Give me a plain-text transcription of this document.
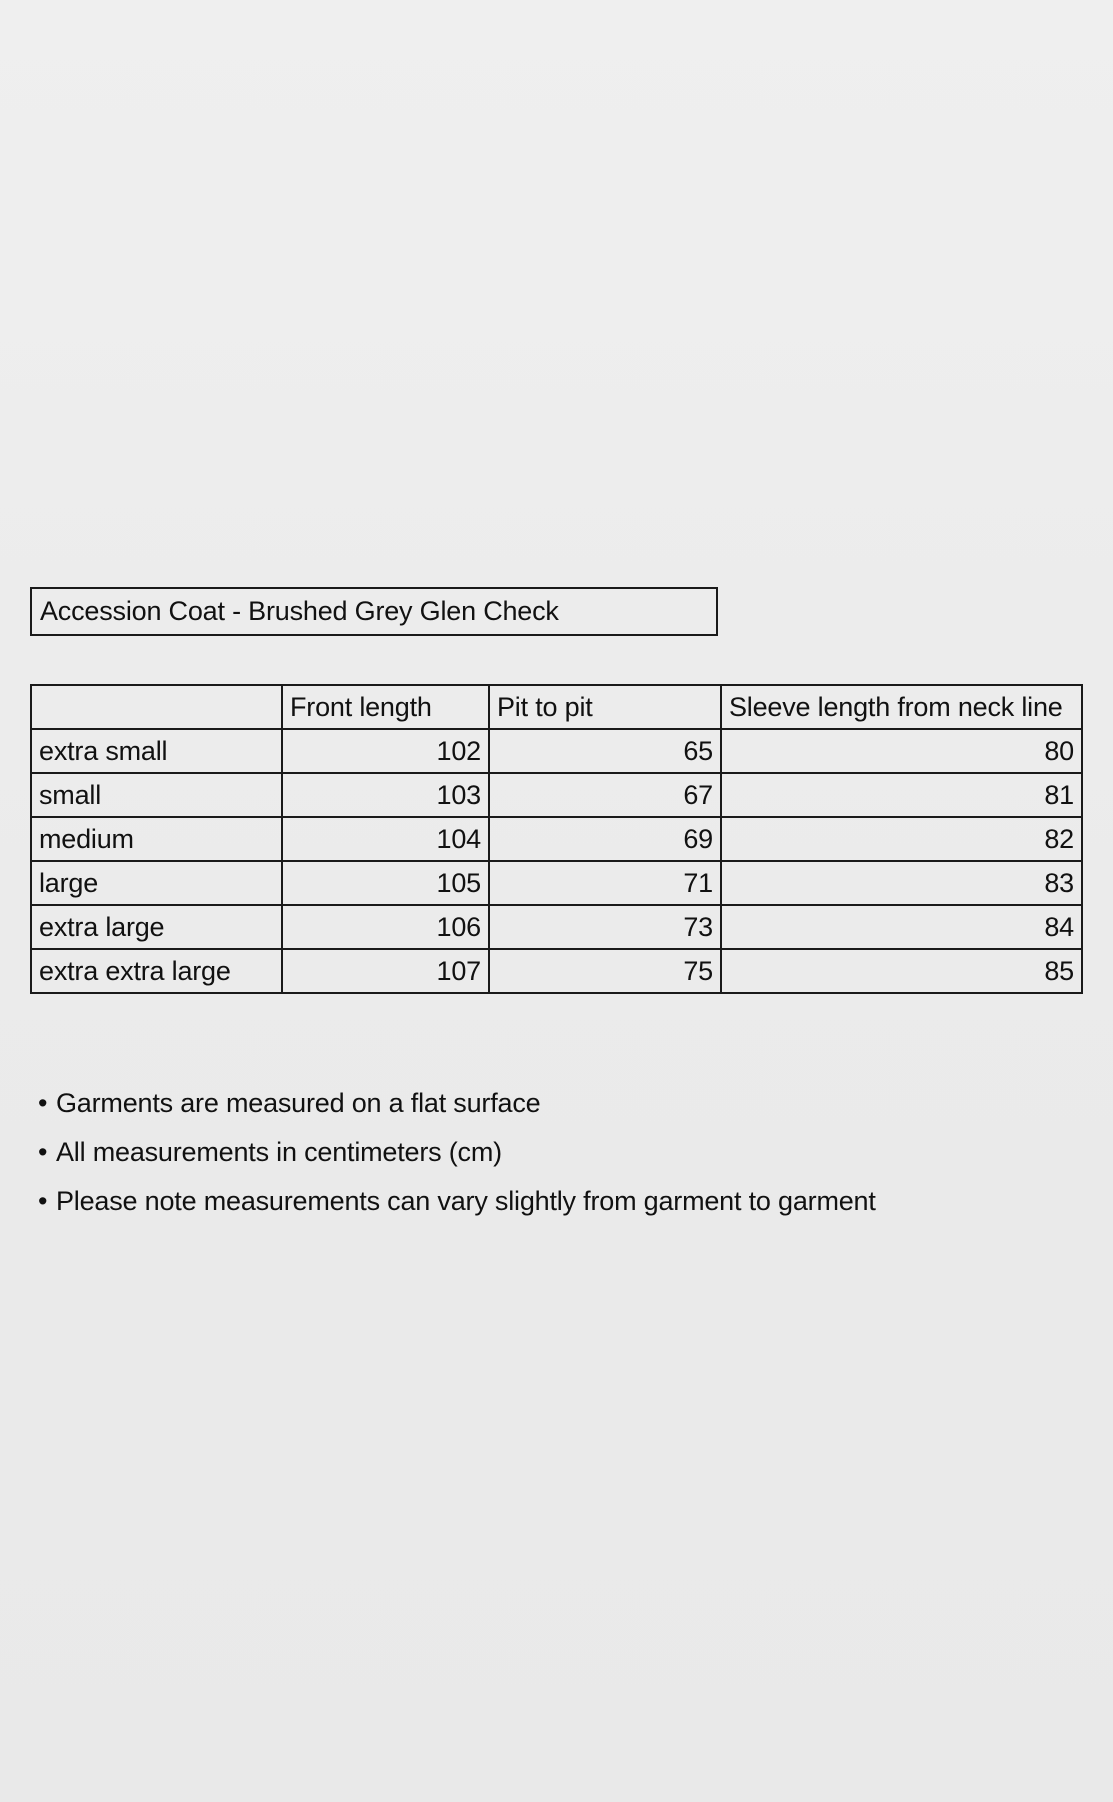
Accession Coat - Brushed Grey Glen Check
	Front length	Pit to pit	Sleeve length from neck line
extra small	102	65	80
small	103	67	81
medium	104	69	82
large	105	71	83
extra large	106	73	84
extra extra large	107	75	85
• Garments are measured on a flat surface
• All measurements in centimeters (cm)
• Please note measurements can vary slightly from garment to garment
